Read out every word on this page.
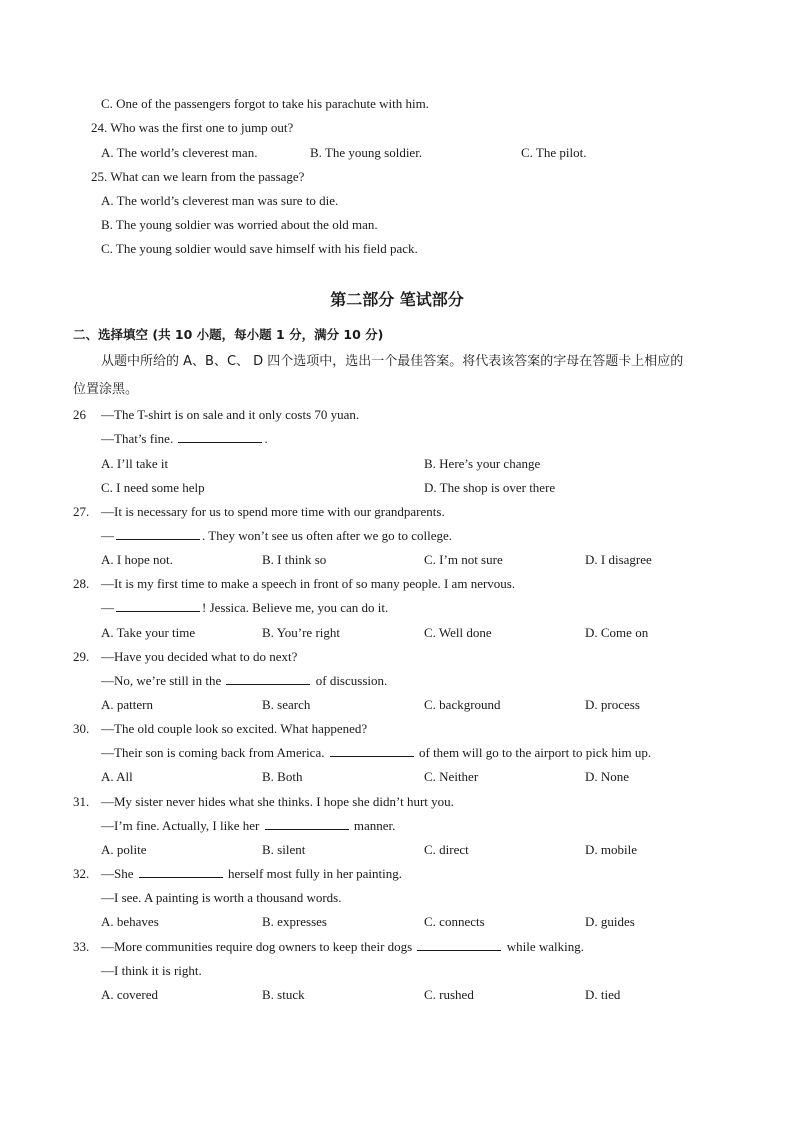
C. One of the passengers forgot to take his parachute with him.
24. Who was the first one to jump out?
A. The world’s cleverest man.	B. The young soldier.	C. The pilot.
25. What can we learn from the passage?
A. The world’s cleverest man was sure to die.
B. The young soldier was worried about the old man.
C. The young soldier would save himself with his field pack.
第二部分 笔试部分
二、选择填空 (共 10 小题，每小题 1 分，满分 10 分)
从题中所给的 A、B、C、 D 四个选项中，选出一个最佳答案。将代表该答案的字母在答题卡上相应的
位置涂黑。
26 —The T-shirt is on sale and it only costs 70 yuan.
—That’s fine.	.
A. I’ll take it	B. Here’s your change
C. I need some help	D. The shop is over there
27. —It is necessary for us to spend more time with our grandparents.
—	. They won’t see us often after we go to college.
A. I hope not.	B. I think so	C. I’m not sure	D. I disagree
28. —It is my first time to make a speech in front of so many people. I am nervous.
—	! Jessica. Believe me, you can do it.
A. Take your time	B. You’re right	C. Well done	D. Come on
29. —Have you decided what to do next?
—No, we’re still in the	of discussion.
A. pattern	B. search	C. background	D. process
30. —The old couple look so excited. What happened?
—Their son is coming back from America.	of them will go to the airport to pick him up.
A. All	B. Both	C. Neither	D. None
31. —My sister never hides what she thinks. I hope she didn’t hurt you.
—I’m fine. Actually, I like her	manner.
A. polite	B. silent	C. direct	D. mobile
32. —She	herself most fully in her painting.
—I see. A painting is worth a thousand words.
A. behaves	B. expresses	C. connects	D. guides
33. —More communities require dog owners to keep their dogs	while walking.
—I think it is right.
A. covered	B. stuck	C. rushed	D. tied
